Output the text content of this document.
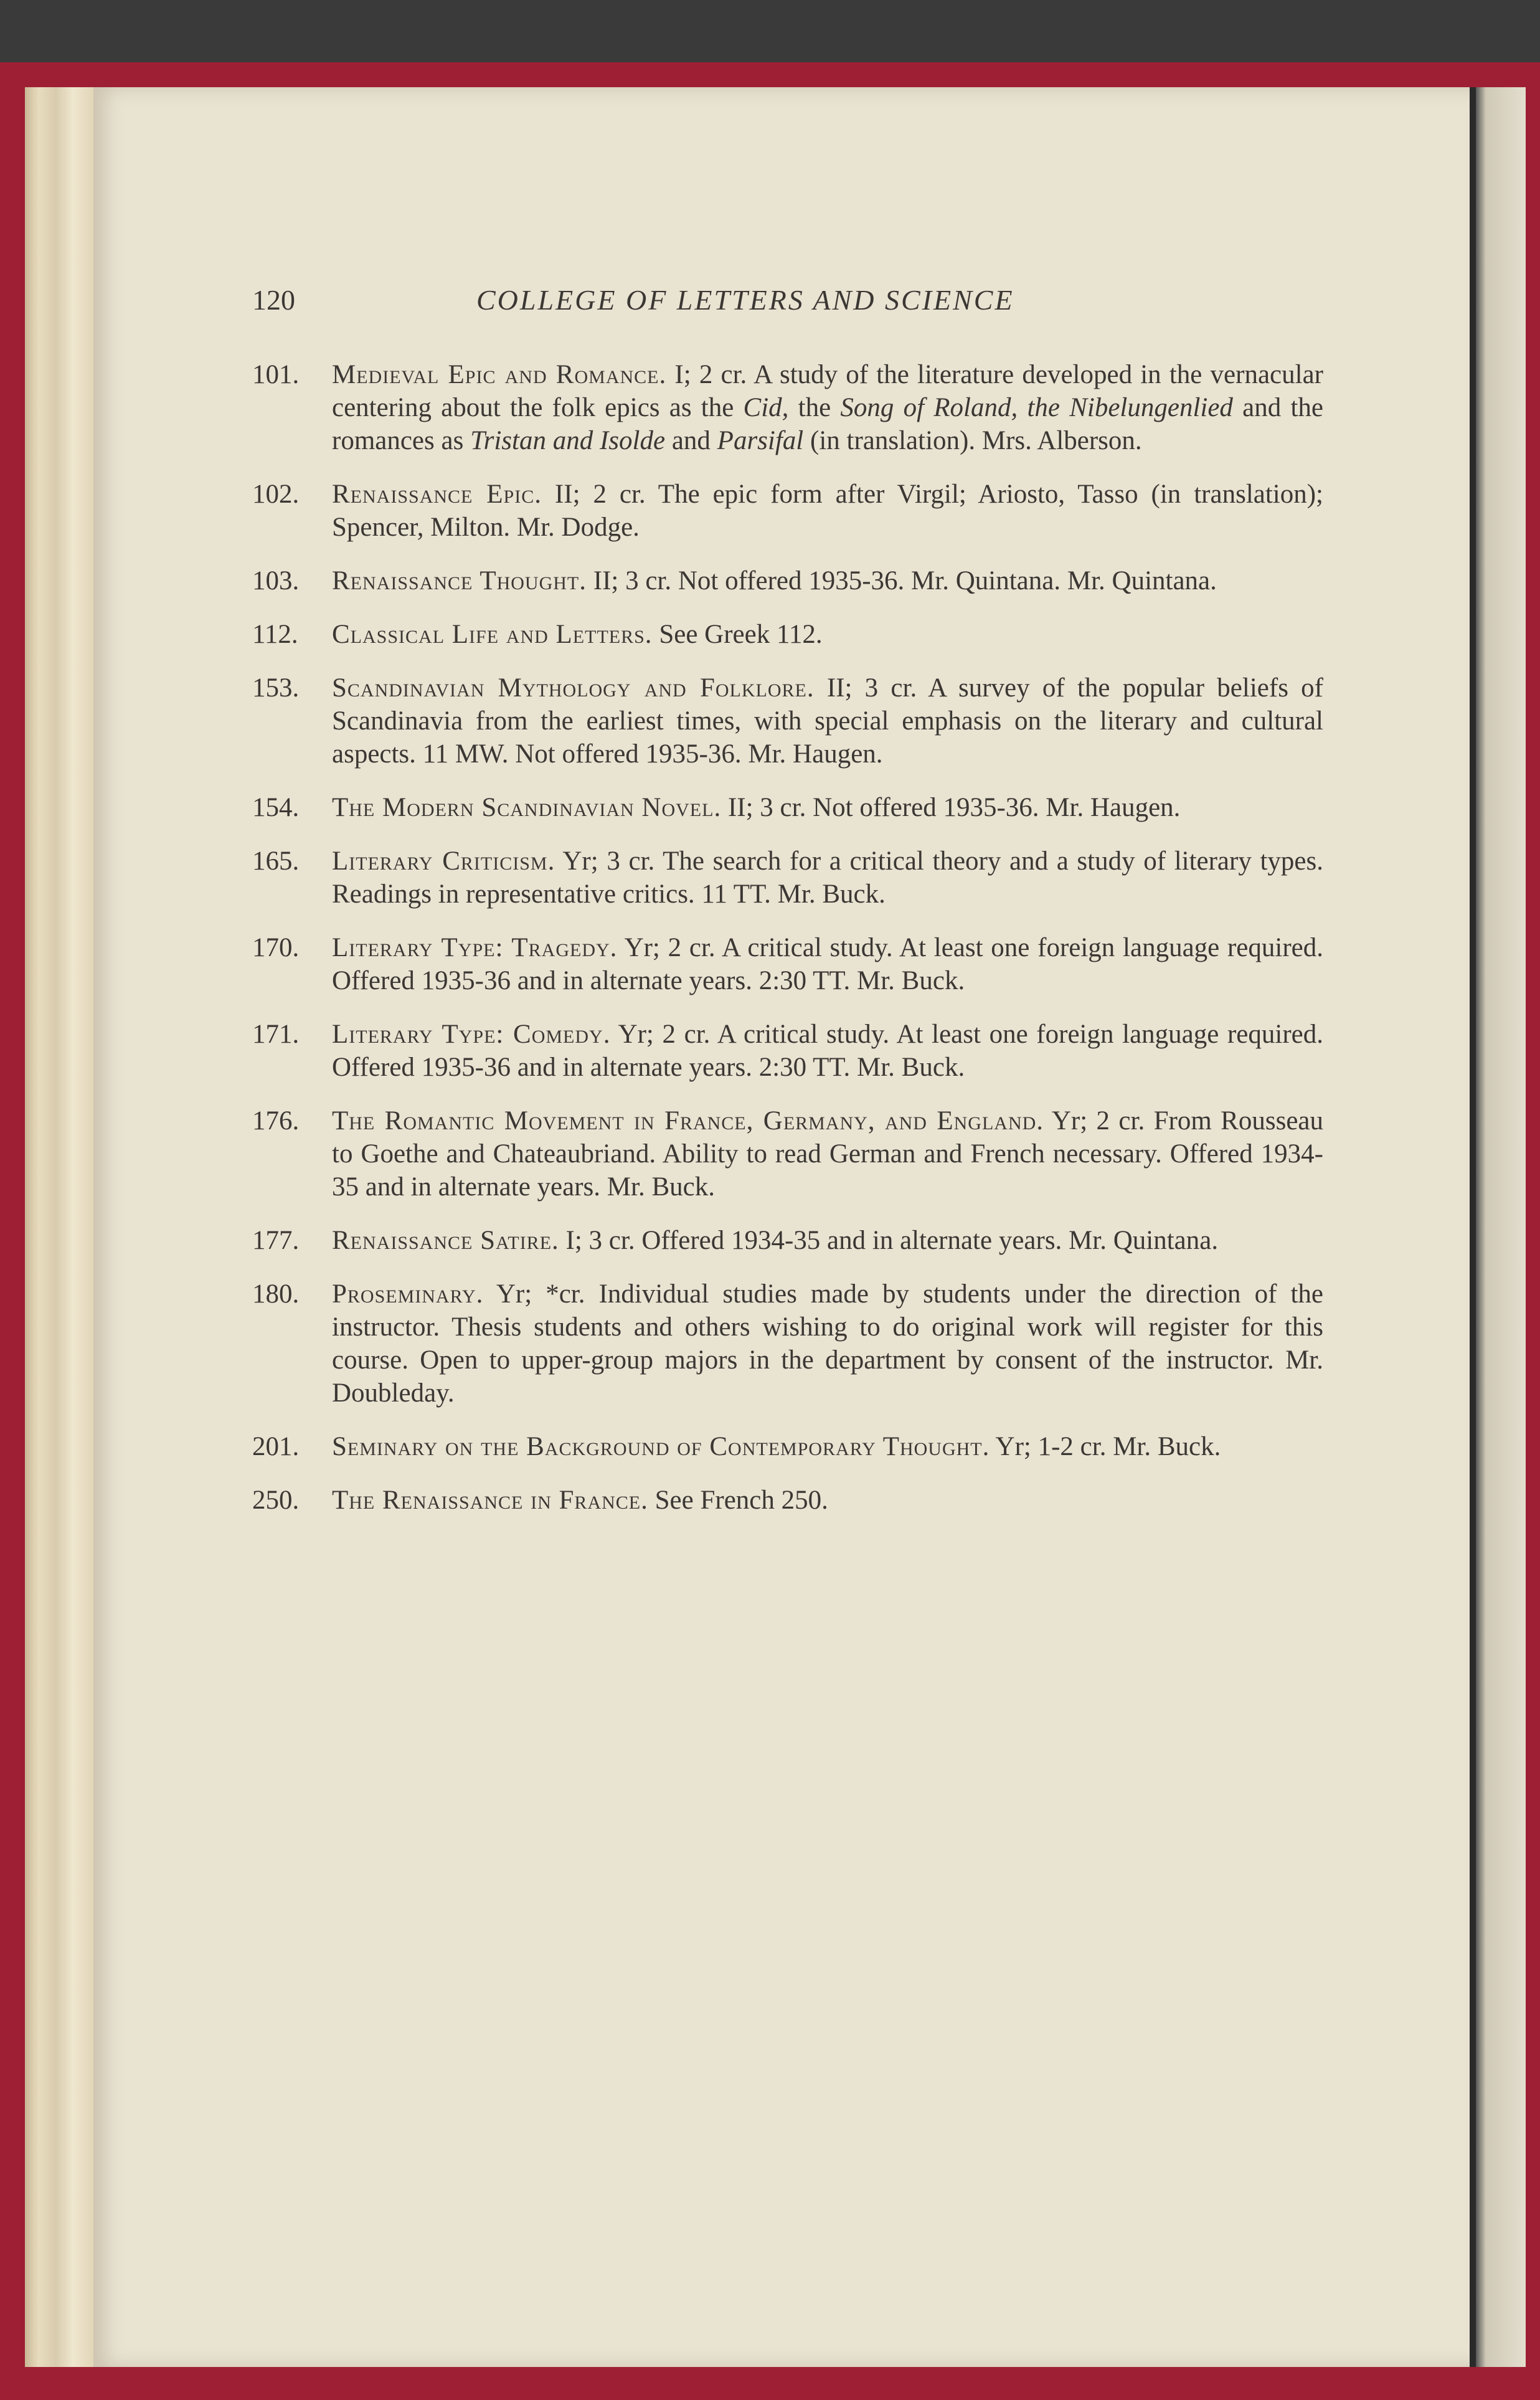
120	COLLEGE OF LETTERS AND SCIENCE
101.	Medieval Epic and Romance. I; 2 cr. A study of the literature developed in the vernacular centering about the folk epics as the Cid, the Song of Roland, the Nibelungenlied and the romances as Tristan and Isolde and Parsifal (in translation). Mrs. Alberson.
102.	Renaissance Epic. II; 2 cr. The epic form after Virgil; Ariosto, Tasso (in translation); Spencer, Milton. Mr. Dodge.
103.	Renaissance Thought. II; 3 cr. Not offered 1935-36. Mr. Quintana. Mr. Quintana.
112.	Classical Life and Letters. See Greek 112.
153.	Scandinavian Mythology and Folklore. II; 3 cr. A survey of the popular beliefs of Scandinavia from the earliest times, with special emphasis on the literary and cultural aspects. 11 MW. Not offered 1935-36. Mr. Haugen.
154.	The Modern Scandinavian Novel. II; 3 cr. Not offered 1935-36. Mr. Haugen.
165.	Literary Criticism. Yr; 3 cr. The search for a critical theory and a study of literary types. Readings in representative critics. 11 TT. Mr. Buck.
170.	Literary Type: Tragedy. Yr; 2 cr. A critical study. At least one foreign language required. Offered 1935-36 and in alternate years. 2:30 TT. Mr. Buck.
171.	Literary Type: Comedy. Yr; 2 cr. A critical study. At least one foreign language required. Offered 1935-36 and in alternate years. 2:30 TT. Mr. Buck.
176.	The Romantic Movement in France, Germany, and England. Yr; 2 cr. From Rousseau to Goethe and Chateaubriand. Ability to read German and French necessary. Offered 1934-35 and in alternate years. Mr. Buck.
177.	Renaissance Satire. I; 3 cr. Offered 1934-35 and in alternate years. Mr. Quintana.
180.	Proseminary. Yr; *cr. Individual studies made by students under the direction of the instructor. Thesis students and others wishing to do original work will register for this course. Open to upper-group majors in the department by consent of the instructor. Mr. Doubleday.
201.	Seminary on the Background of Contemporary Thought. Yr; 1-2 cr. Mr. Buck.
250.	The Renaissance in France. See French 250.
